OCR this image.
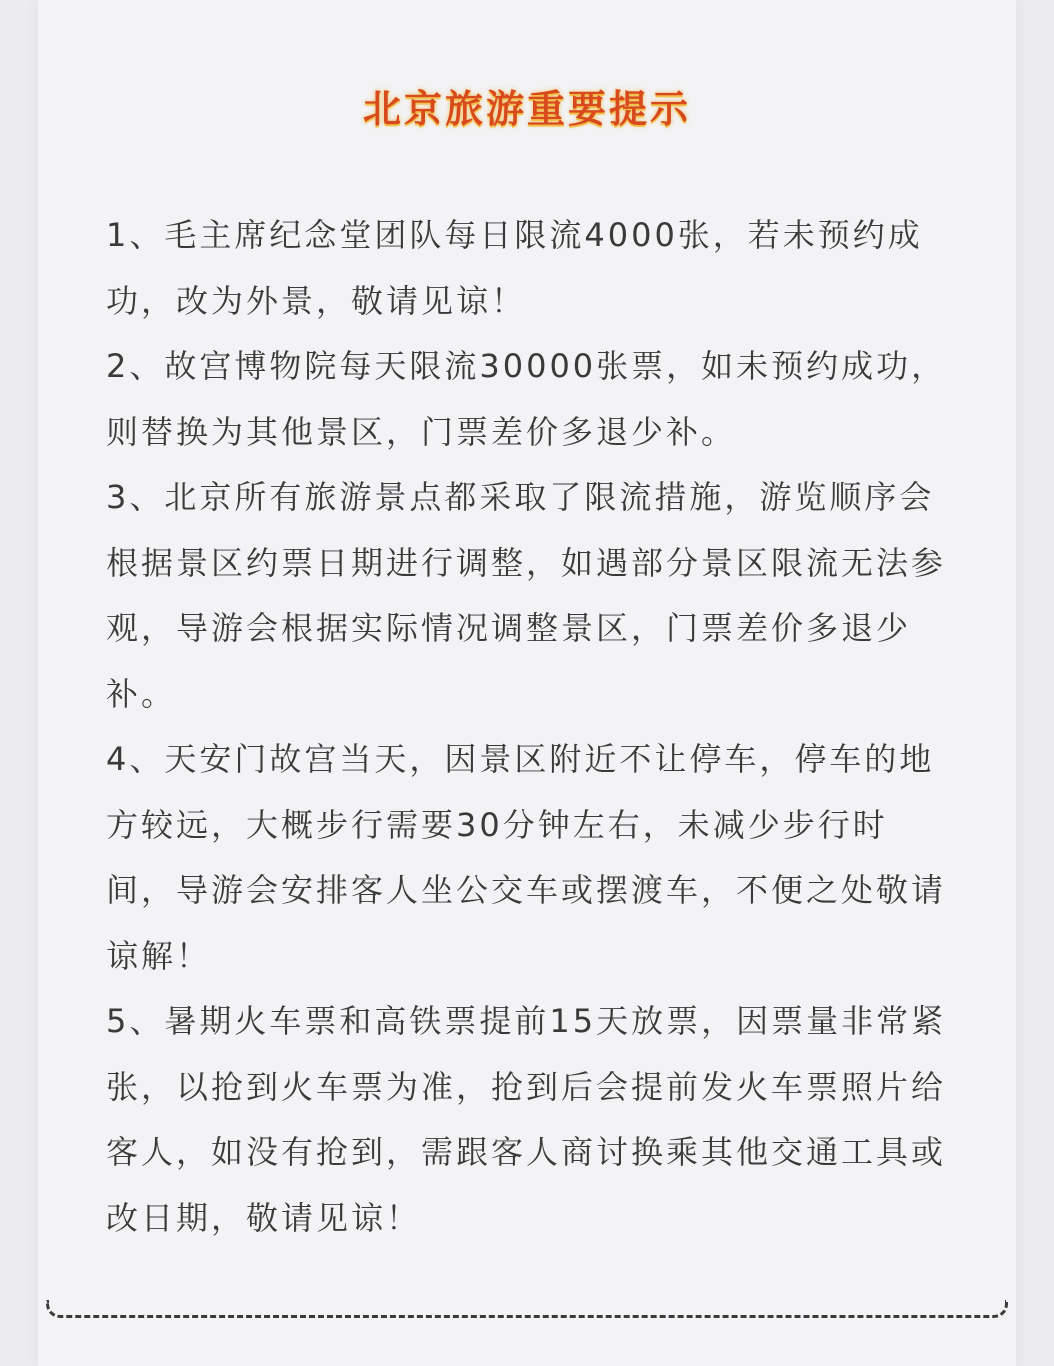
北京旅游重要提示

1、毛主席纪念堂团队每日限流4000张，若未预约成功，改为外景，敬请见谅！

2、故宫博物院每天限流30000张票，如未预约成功，则替换为其他景区，门票差价多退少补。

3、北京所有旅游景点都采取了限流措施，游览顺序会根据景区约票日期进行调整，如遇部分景区限流无法参观，导游会根据实际情况调整景区，门票差价多退少补。

4、天安门故宫当天，因景区附近不让停车，停车的地方较远，大概步行需要30分钟左右，未减少步行时间，导游会安排客人坐公交车或摆渡车，不便之处敬请谅解！

5、暑期火车票和高铁票提前15天放票，因票量非常紧张，以抢到火车票为准，抢到后会提前发火车票照片给客人，如没有抢到，需跟客人商讨换乘其他交通工具或改日期，敬请见谅！
